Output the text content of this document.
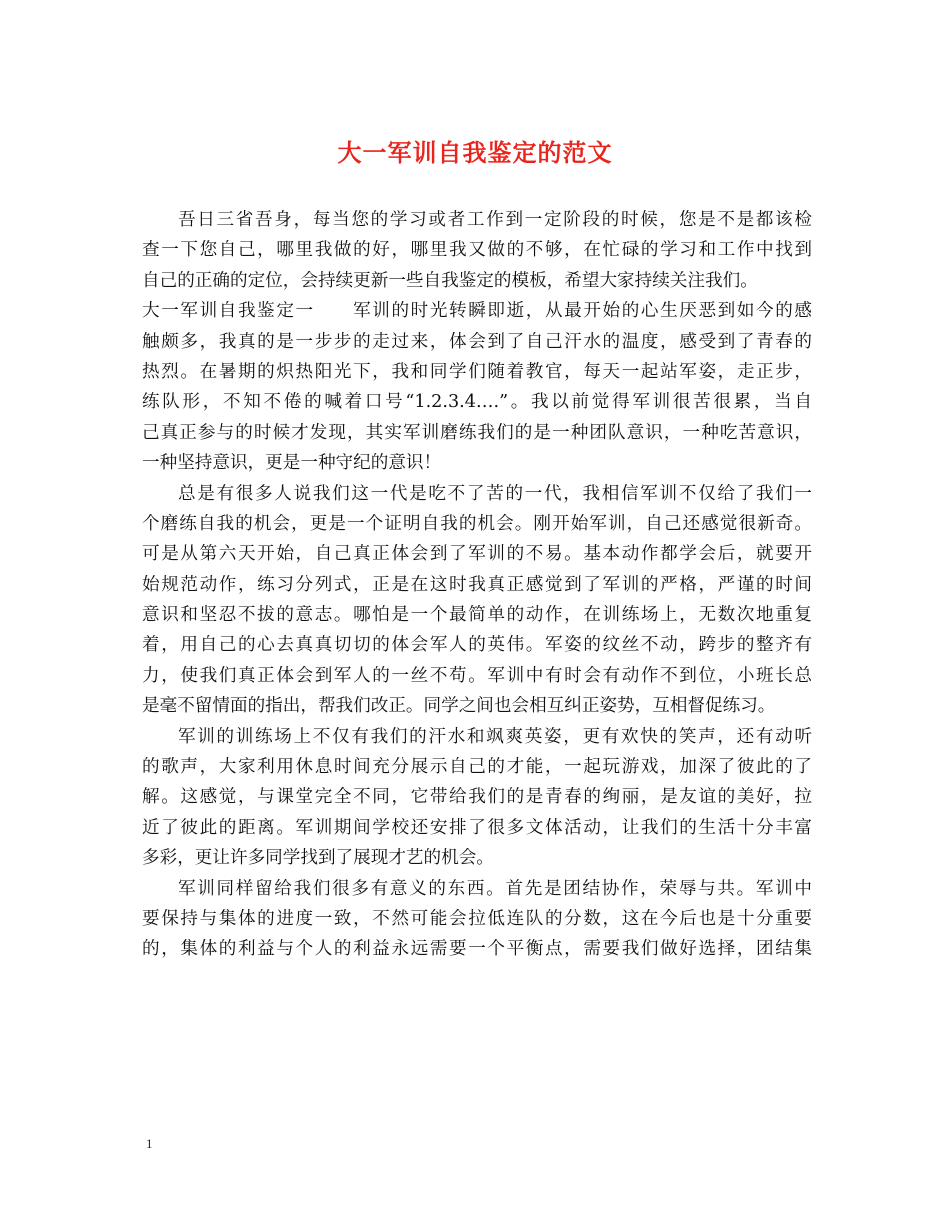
大一军训自我鉴定的范文
吾日三省吾身，每当您的学习或者工作到一定阶段的时候，您是不是都该检
查一下您自己，哪里我做的好，哪里我又做的不够，在忙碌的学习和工作中找到
自己的正确的定位，会持续更新一些自我鉴定的模板，希望大家持续关注我们。
大一军训自我鉴定一　　军训的时光转瞬即逝，从最开始的心生厌恶到如今的感
触颇多，我真的是一步步的走过来，体会到了自己汗水的温度，感受到了青春的
热烈。在暑期的炽热阳光下，我和同学们随着教官，每天一起站军姿，走正步，
练队形，不知不倦的喊着口号“1.2.3.4….”。我以前觉得军训很苦很累，当自
己真正参与的时候才发现，其实军训磨练我们的是一种团队意识，一种吃苦意识，
一种坚持意识，更是一种守纪的意识！
总是有很多人说我们这一代是吃不了苦的一代，我相信军训不仅给了我们一
个磨练自我的机会，更是一个证明自我的机会。刚开始军训，自己还感觉很新奇。
可是从第六天开始，自己真正体会到了军训的不易。基本动作都学会后，就要开
始规范动作，练习分列式，正是在这时我真正感觉到了军训的严格，严谨的时间
意识和坚忍不拔的意志。哪怕是一个最简单的动作，在训练场上，无数次地重复
着，用自己的心去真真切切的体会军人的英伟。军姿的纹丝不动，跨步的整齐有
力，使我们真正体会到军人的一丝不苟。军训中有时会有动作不到位，小班长总
是毫不留情面的指出，帮我们改正。同学之间也会相互纠正姿势，互相督促练习。
军训的训练场上不仅有我们的汗水和飒爽英姿，更有欢快的笑声，还有动听
的歌声，大家利用休息时间充分展示自己的才能，一起玩游戏，加深了彼此的了
解。这感觉，与课堂完全不同，它带给我们的是青春的绚丽，是友谊的美好，拉
近了彼此的距离。军训期间学校还安排了很多文体活动，让我们的生活十分丰富
多彩，更让许多同学找到了展现才艺的机会。
军训同样留给我们很多有意义的东西。首先是团结协作，荣辱与共。军训中
要保持与集体的进度一致，不然可能会拉低连队的分数，这在今后也是十分重要
的，集体的利益与个人的利益永远需要一个平衡点，需要我们做好选择，团结集
1
